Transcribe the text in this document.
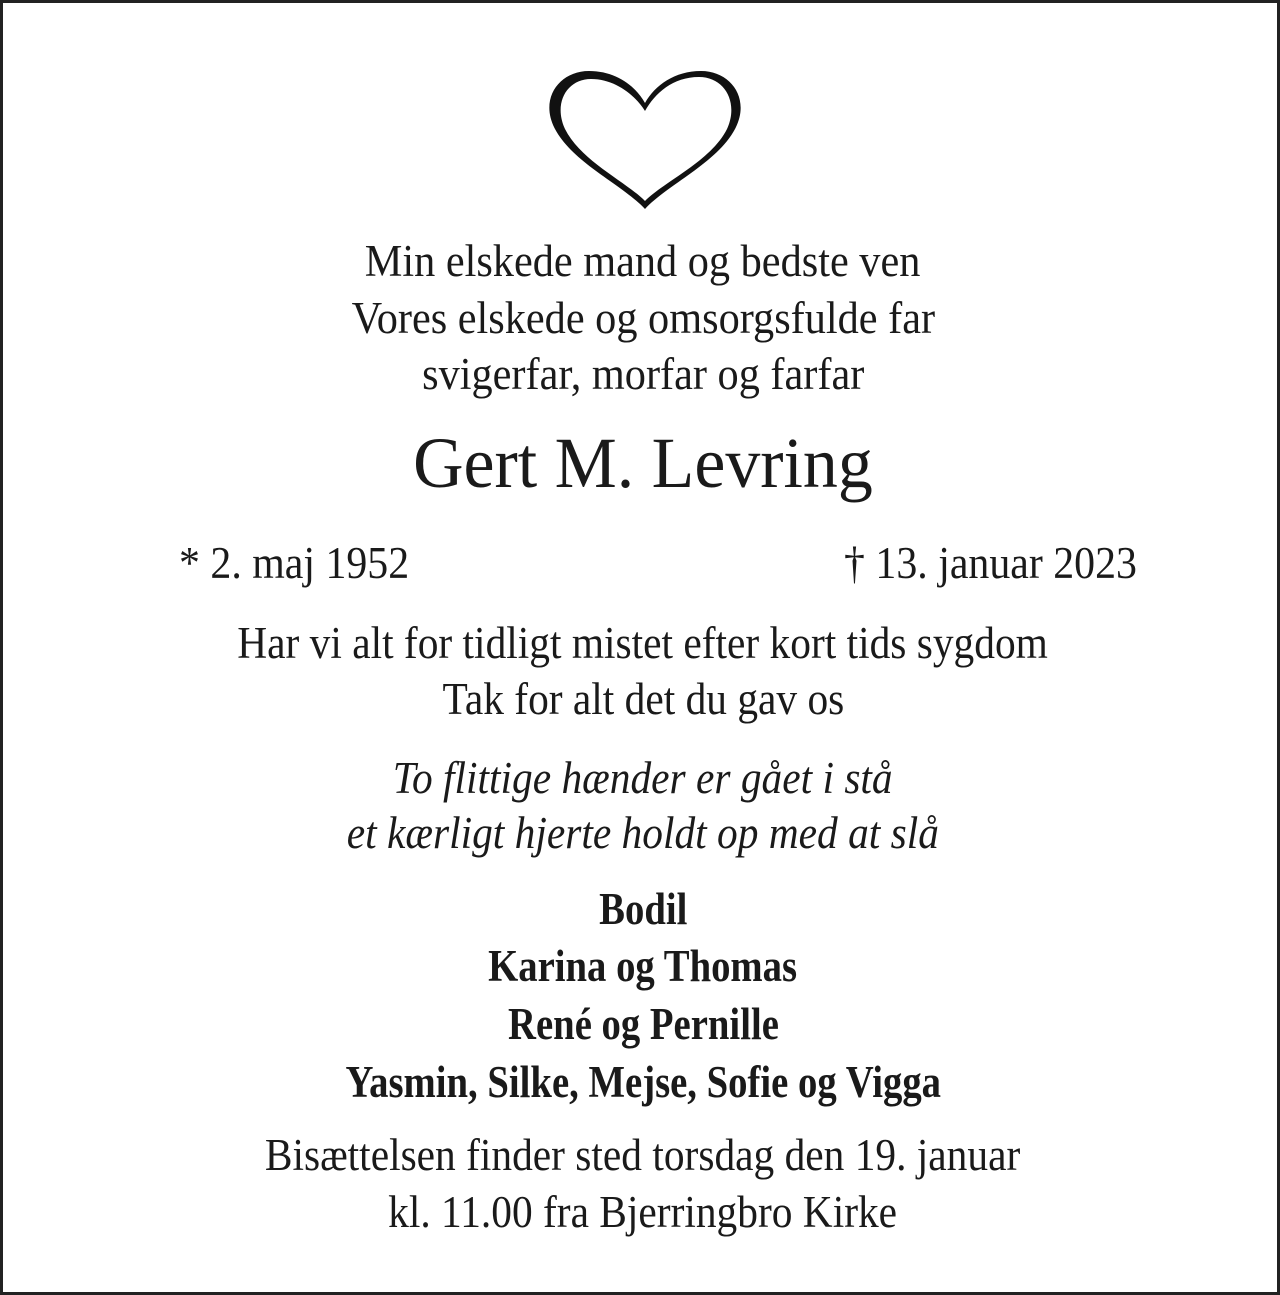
Min elskede mand og bedste ven
Vores elskede og omsorgsfulde far
svigerfar, morfar og farfar
Gert M. Levring
* 2. maj 1952	† 13. januar 2023
Har vi alt for tidligt mistet efter kort tids sygdom
Tak for alt det du gav os
To flittige hænder er gået i stå
et kærligt hjerte holdt op med at slå
Bodil
Karina og Thomas
René og Pernille
Yasmin, Silke, Mejse, Sofie og Vigga
Bisættelsen finder sted torsdag den 19. januar
kl. 11.00 fra Bjerringbro Kirke
